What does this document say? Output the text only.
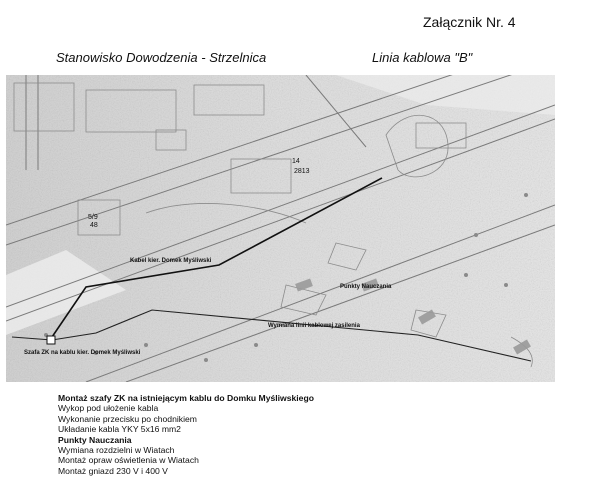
Załącznik Nr. 4
Stanowisko Dowodzenia - Strzelnica	Linia kablowa "B"
14
2813
5/9
48
Kabel kier. Domek Myśliwski
Punkty Nauczania
Wymiana linii kablowej zasilenia
Szafa ZK na kablu kier. Domek Myśliwski
Montaż szafy ZK na istniejącym kablu do Domku Myśliwskiego
Wykop pod ułożenie kabla
Wykonanie przecisku po chodnikiem
Układanie kabla YKY 5x16 mm2
Punkty Nauczania
Wymiana rozdzielni w Wiatach
Montaż opraw oświetlenia w Wiatach
Montaż gniazd 230 V i 400 V
